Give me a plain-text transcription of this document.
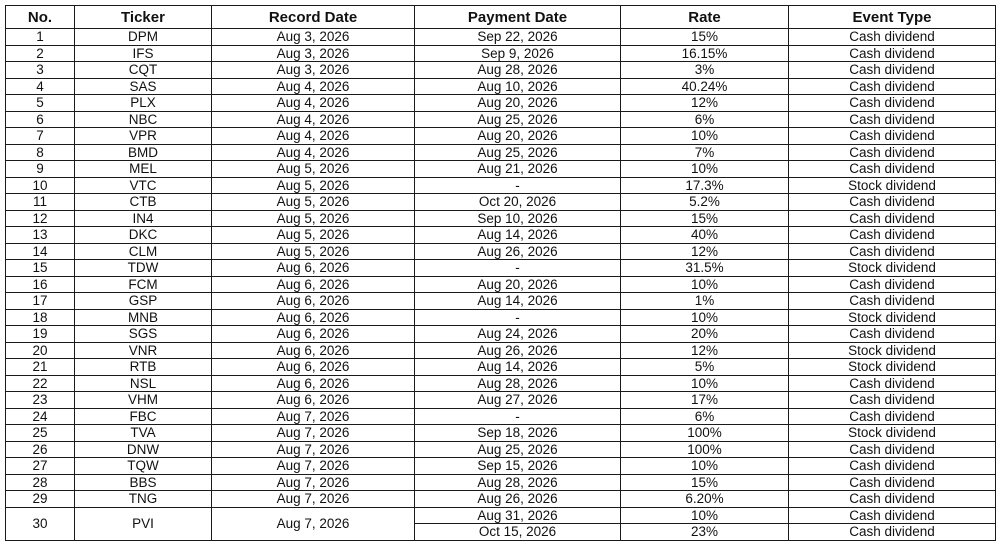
No.	Ticker	Record Date	Payment Date	Rate	Event Type
1	DPM	Aug 3, 2026	Sep 22, 2026	15%	Cash dividend
2	IFS	Aug 3, 2026	Sep 9, 2026	16.15%	Cash dividend
3	CQT	Aug 3, 2026	Aug 28, 2026	3%	Cash dividend
4	SAS	Aug 4, 2026	Aug 10, 2026	40.24%	Cash dividend
5	PLX	Aug 4, 2026	Aug 20, 2026	12%	Cash dividend
6	NBC	Aug 4, 2026	Aug 25, 2026	6%	Cash dividend
7	VPR	Aug 4, 2026	Aug 20, 2026	10%	Cash dividend
8	BMD	Aug 4, 2026	Aug 25, 2026	7%	Cash dividend
9	MEL	Aug 5, 2026	Aug 21, 2026	10%	Cash dividend
10	VTC	Aug 5, 2026	-	17.3%	Stock dividend
11	CTB	Aug 5, 2026	Oct 20, 2026	5.2%	Cash dividend
12	IN4	Aug 5, 2026	Sep 10, 2026	15%	Cash dividend
13	DKC	Aug 5, 2026	Aug 14, 2026	40%	Cash dividend
14	CLM	Aug 5, 2026	Aug 26, 2026	12%	Cash dividend
15	TDW	Aug 6, 2026	-	31.5%	Stock dividend
16	FCM	Aug 6, 2026	Aug 20, 2026	10%	Cash dividend
17	GSP	Aug 6, 2026	Aug 14, 2026	1%	Cash dividend
18	MNB	Aug 6, 2026	-	10%	Stock dividend
19	SGS	Aug 6, 2026	Aug 24, 2026	20%	Cash dividend
20	VNR	Aug 6, 2026	Aug 26, 2026	12%	Stock dividend
21	RTB	Aug 6, 2026	Aug 14, 2026	5%	Stock dividend
22	NSL	Aug 6, 2026	Aug 28, 2026	10%	Cash dividend
23	VHM	Aug 6, 2026	Aug 27, 2026	17%	Cash dividend
24	FBC	Aug 7, 2026	-	6%	Cash dividend
25	TVA	Aug 7, 2026	Sep 18, 2026	100%	Stock dividend
26	DNW	Aug 7, 2026	Aug 25, 2026	100%	Cash dividend
27	TQW	Aug 7, 2026	Sep 15, 2026	10%	Cash dividend
28	BBS	Aug 7, 2026	Aug 28, 2026	15%	Cash dividend
29	TNG	Aug 7, 2026	Aug 26, 2026	6.20%	Cash dividend
30	PVI	Aug 7, 2026	Aug 31, 2026	10%	Cash dividend
			Oct 15, 2026	23%	Cash dividend
